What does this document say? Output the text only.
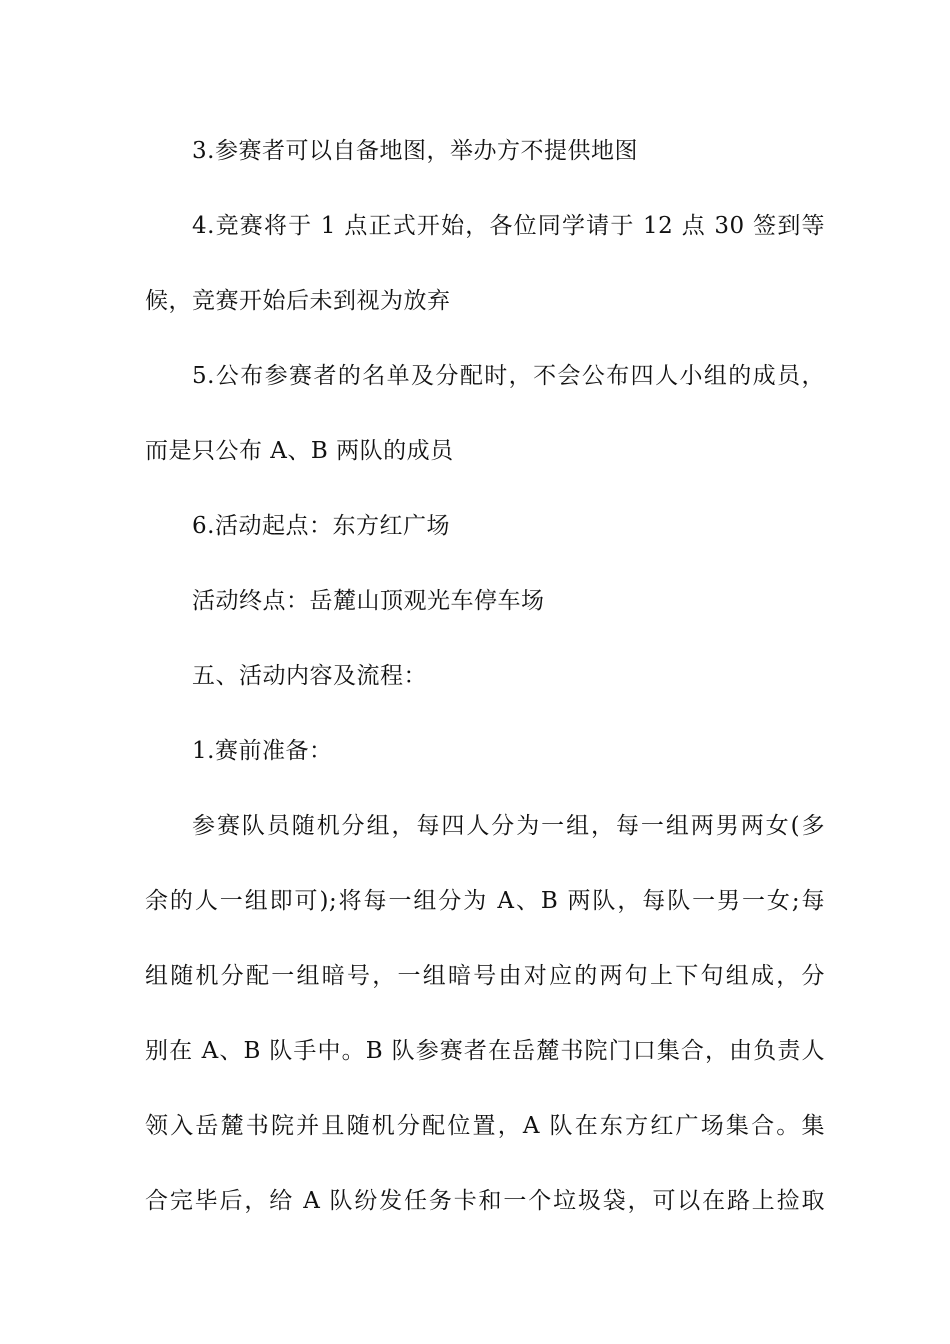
3.参赛者可以自备地图，举办方不提供地图
4.竞赛将于 1 点正式开始，各位同学请于 12 点 30 签到等
候，竞赛开始后未到视为放弃
5.公布参赛者的名单及分配时，不会公布四人小组的成员，
而是只公布 A、B 两队的成员
6.活动起点：东方红广场
活动终点：岳麓山顶观光车停车场
五、活动内容及流程：
1.赛前准备：
参赛队员随机分组，每四人分为一组，每一组两男两女(多
余的人一组即可);将每一组分为 A、B 两队，每队一男一女;每
组随机分配一组暗号，一组暗号由对应的两句上下句组成，分
别在 A、B 队手中。B 队参赛者在岳麓书院门口集合，由负责人
领入岳麓书院并且随机分配位置，A 队在东方红广场集合。集
合完毕后，给 A 队纷发任务卡和一个垃圾袋，可以在路上捡取
